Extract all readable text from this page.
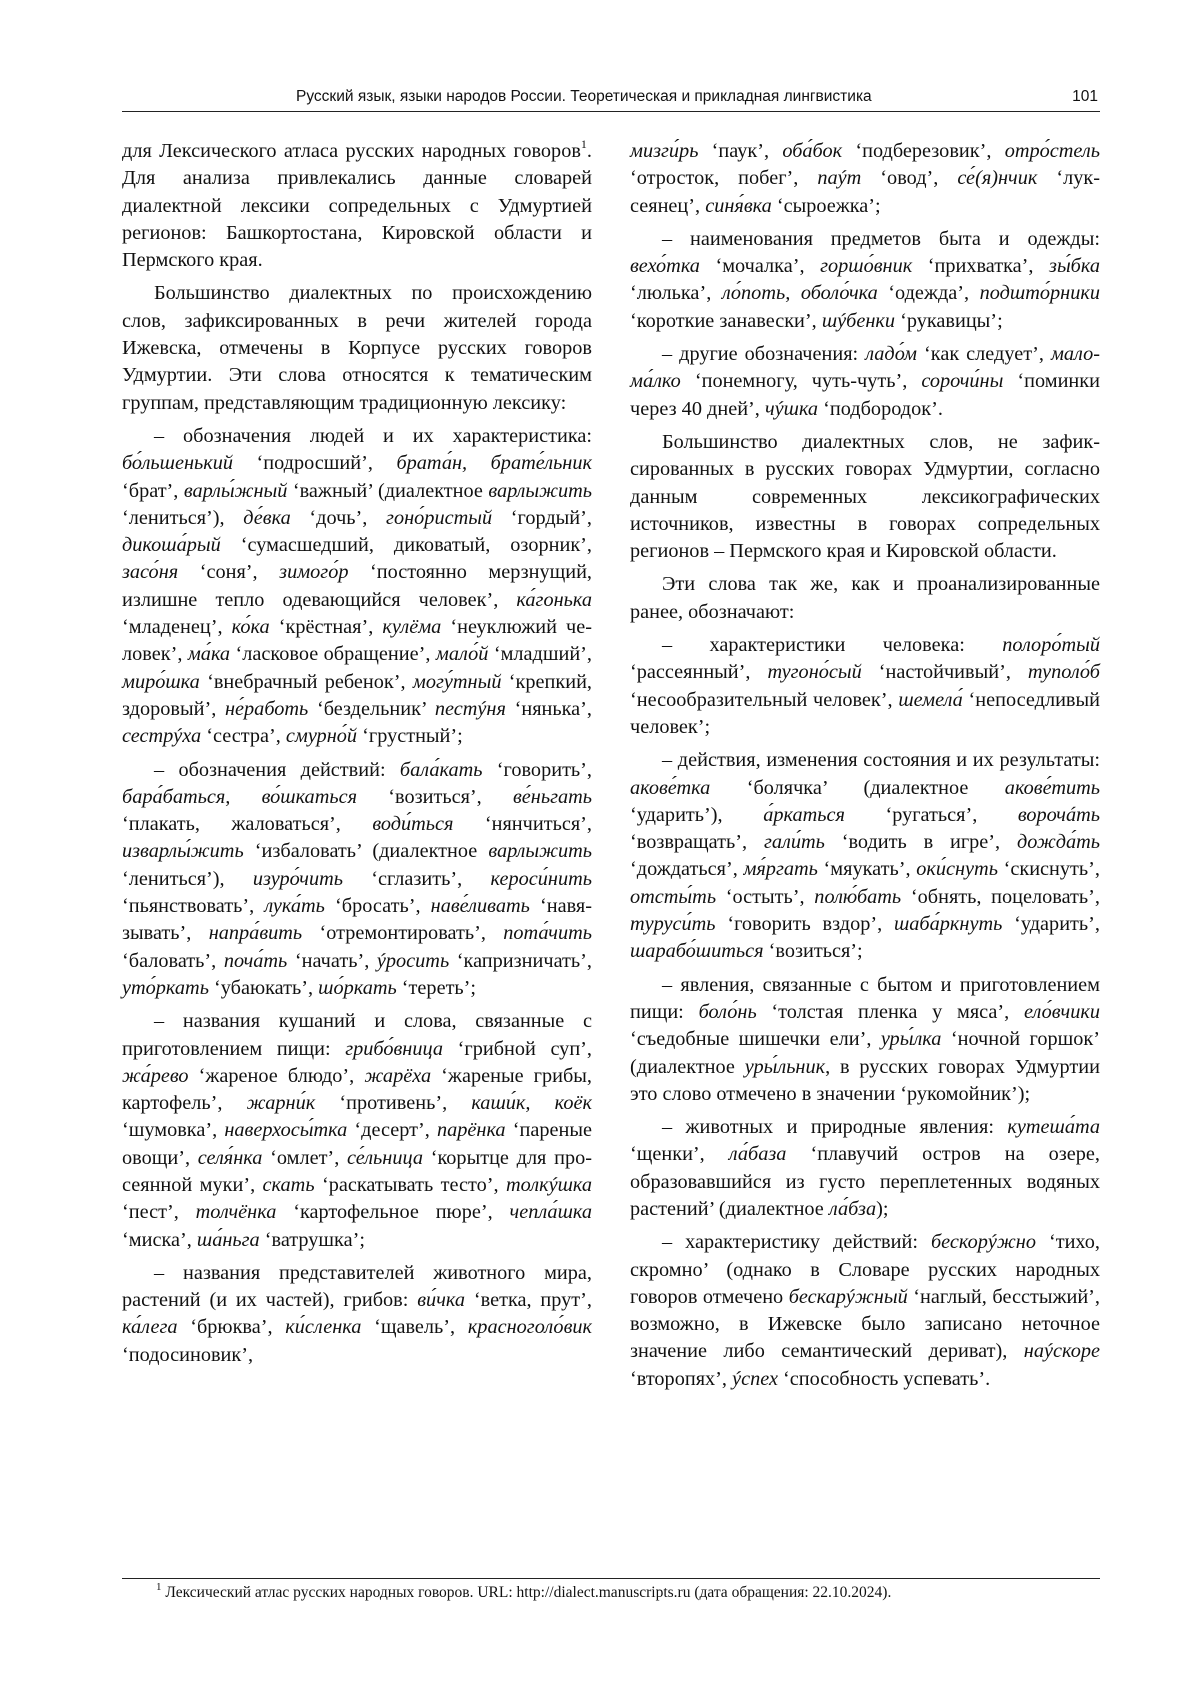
Русский язык, языки народов России. Теоретическая и прикладная лингвистика	101

для Лексического атласа русских народных говоров$^1$. Для анализа привлекались данные словарей диалектной лексики сопредельных с Удмуртией регионов: Башкортостана, Кировской области и Пермского края.

Большинство диалектных по происхождению слов, зафиксированных в речи жителей города Ижевска, отмечены в Корпусе русских говоров Удмуртии. Эти слова относятся к тематическим группам, представляющим традиционную лексику:

– обозначения людей и их характеристика: бо́льшенький ‘подросший’, брата́н, брате́льник ‘брат’, варлы́жный ‘важный’ (диалектное варлыжить ‘лениться’), де́вка ‘дочь’, гоно́ристый ‘гордый’, дикоша́рый ‘сумасшедший, диковатый, озорник’, засо́ня ‘соня’, зимого́р ‘постоянно мерзнущий, излишне тепло одевающийся человек’, ка́гонька ‘младенец’, ко́ка ‘крёстная’, кулёма ‘неуклюжий человек’, ма́ка ‘ласковое обращение’, мало́й ‘младший’, миро́шка ‘внебрачный ребенок’, могу́тный ‘крепкий, здоровый’, не́работь ‘бездельник’ пестýня ‘нянька’, сестрýха ‘сестра’, смурно́й ‘грустный’;

– обозначения действий: бала́кать ‘говорить’, бара́баться, во́шкаться ‘возиться’, ве́ньгать ‘плакать, жаловаться’, води́ться ‘нянчиться’, изварлы́жить ‘избаловать’ (диалектное варлыжить ‘лениться’), изуро́чить ‘сглазить’, кероси́нить ‘пьянствовать’, лука́ть ‘бросать’, наве́ливать ‘навязывать’, напра́вить ‘отремонтировать’, пота́чить ‘баловать’, поча́ть ‘начать’, ýросить ‘капризничать’, уто́ркать ‘убаюкать’, шо́ркать ‘тереть’;

– названия кушаний и слова, связанные с приготовлением пищи: грибо́вница ‘грибной суп’, жа́рево ‘жареное блюдо’, жарёха ‘жареные грибы, картофель’, жарни́к ‘противень’, каши́к, коёк ‘шумовка’, наверхосы́тка ‘десерт’, парёнка ‘пареные овощи’, селя́нка ‘омлет’, се́льница ‘корытце для просеянной муки’, скать ‘раскатывать тесто’, толкýшка ‘пест’, толчёнка ‘картофельное пюре’, чепла́шка ‘миска’, ша́ньга ‘ватрушка’;

– названия представителей животного мира, растений (и их частей), грибов: ви́чка ‘ветка, прут’, ка́лега ‘брюква’, ки́сленка ‘щавель’, красноголо́вик ‘подосиновик’,

мизги́рь ‘паук’, оба́бок ‘подберезовик’, отро́стель ‘отросток, побег’, паýт ‘овод’, се́(я)нчик ‘лук-сеянец’, синя́вка ‘сыроежка’;

– наименования предметов быта и одежды: вехо́тка ‘мочалка’, горшо́вник ‘прихватка’, зы́бка ‘люлька’, ло́поть, оболо́чка ‘одежда’, подшто́рники ‘короткие занавески’, шýбенки ‘рукавицы’;

– другие обозначения: ладо́м ‘как следует’, мало-ма́лко ‘понемногу, чуть-чуть’, сорочи́ны ‘поминки через 40 дней’, чýшка ‘подбородок’.

Большинство диалектных слов, не зафиксированных в русских говорах Удмуртии, согласно данным современных лексикографических источников, известны в говорах сопредельных регионов – Пермского края и Кировской области.

Эти слова так же, как и проанализированные ранее, обозначают:

– характеристики человека: полоро́тый ‘рассеянный’, тугоно́сый ‘настойчивый’, туполо́б ‘несообразительный человек’, шемела́ ‘непоседливый человек’;

– действия, изменения состояния и их результаты: акове́тка ‘болячка’ (диалектное акове́тить ‘ударить’), а́ркаться ‘ругаться’, ворочáть ‘возвращать’, гали́ть ‘водить в игре’, дожда́ть ‘дождаться’, мя́ргать ‘мяукать’, оки́снуть ‘скиснуть’, отсты́ть ‘остыть’, полю́бать ‘обнять, поцеловать’, тyруси́ть ‘говорить вздор’, шаба́ркнуть ‘ударить’, шарабо́шиться ‘возиться’;

– явления, связанные с бытом и приготовлением пищи: боло́нь ‘толстая пленка у мяса’, ело́вчики ‘съедобные шишечки ели’, уры́лка ‘ночной горшок’ (диалектное уры́льник, в русских говорах Удмуртии это слово отмечено в значении ‘рукомойник’);

– животных и природные явления: кутеша́та ‘щенки’, ла́база ‘плавучий остров на озере, образовавшийся из густо переплетенных водяных растений’ (диалектное ла́бза);

– характеристику действий: бескорýжно ‘тихо, скромно’ (однако в Словаре русских народных говоров отмечено бескарýжный ‘наглый, бесстыжий’, возможно, в Ижевске было записано неточное значение либо семантический дериват), наýскоре ‘второпях’, ýспех ‘способность успевать’.

$^1$ Лексический атлас русских народных говоров. URL: http://dialect.manuscripts.ru (дата обращения: 22.10.2024).
